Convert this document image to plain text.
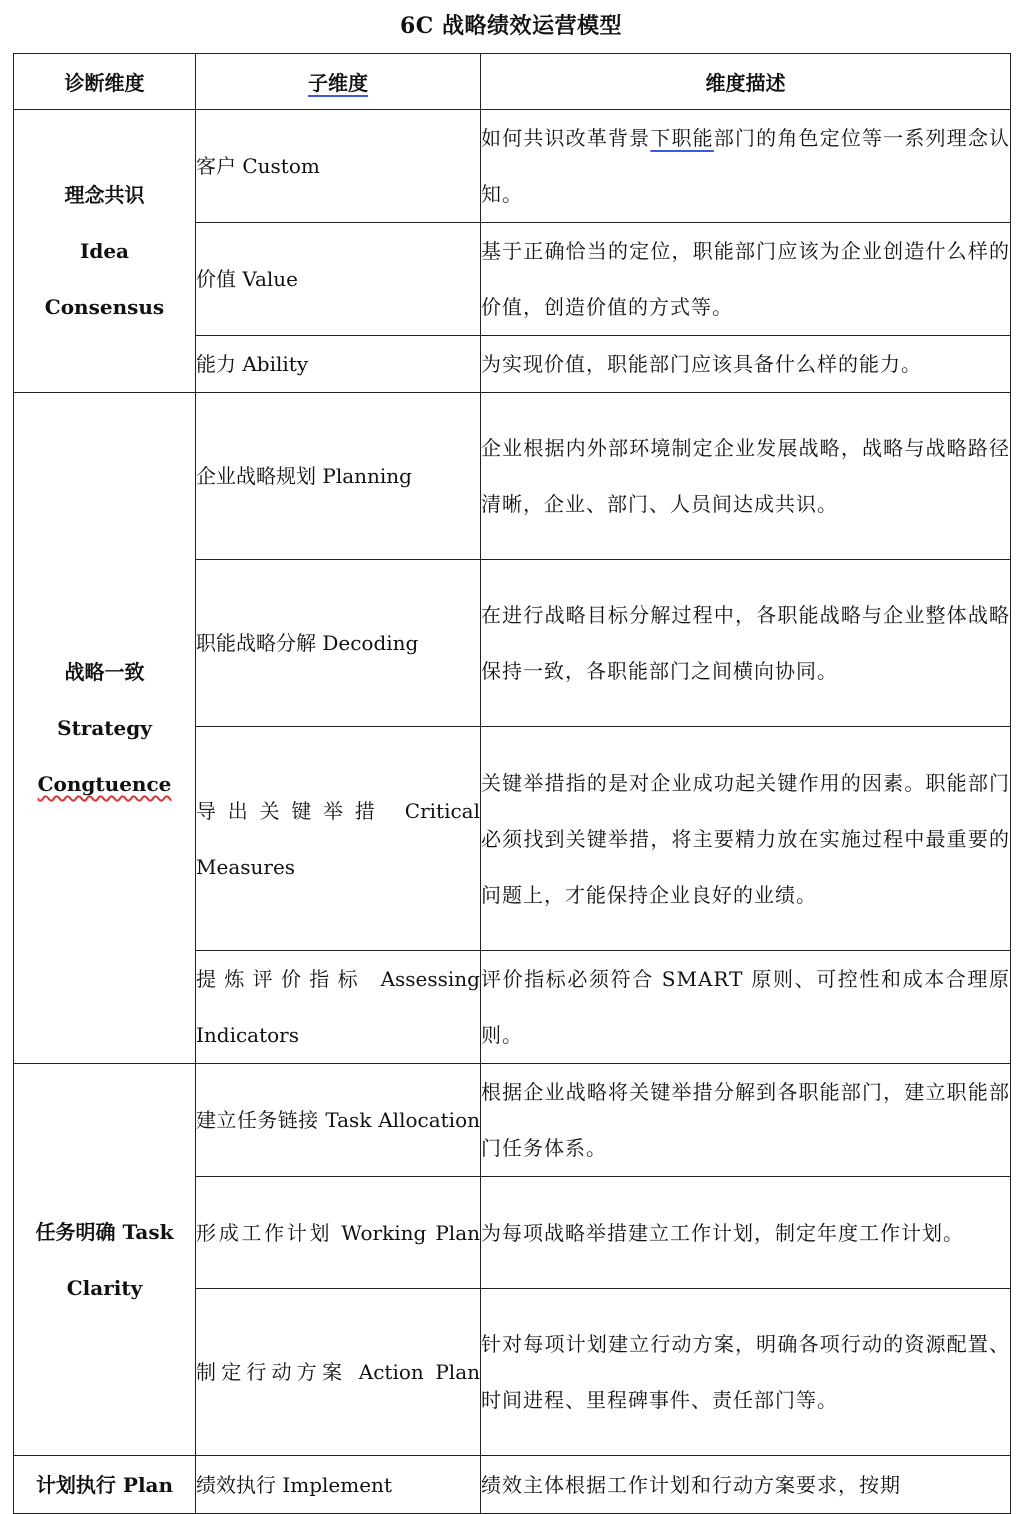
6C 战略绩效运营模型
诊断维度	子维度	维度描述

理念共识
Idea
Consensus	客户 Custom	如何共识改革背景下职能部门的角色定位等一系列理念认知。
	价值 Value	基于正确恰当的定位，职能部门应该为企业创造什么样的价值，创造价值的方式等。
	能力 Ability	为实现价值，职能部门应该具备什么样的能力。

战略一致
Strategy
Congtuence	企业战略规划 Planning	企业根据内外部环境制定企业发展战略，战略与战略路径清晰，企业、部门、人员间达成共识。
	职能战略分解 Decoding	在进行战略目标分解过程中，各职能战略与企业整体战略保持一致，各职能部门之间横向协同。
	导出关键举措 Critical Measures	关键举措指的是对企业成功起关键作用的因素。职能部门必须找到关键举措，将主要精力放在实施过程中最重要的问题上，才能保持企业良好的业绩。
	提炼评价指标 Assessing Indicators	评价指标必须符合 SMART 原则、可控性和成本合理原则。

任务明确 Task
Clarity	建立任务链接 Task Allocation	根据企业战略将关键举措分解到各职能部门，建立职能部门任务体系。
	形成工作计划 Working Plan	为每项战略举措建立工作计划，制定年度工作计划。
	制定行动方案 Action Plan	针对每项计划建立行动方案，明确各项行动的资源配置、时间进程、里程碑事件、责任部门等。

计划执行 Plan	绩效执行 Implement	绩效主体根据工作计划和行动方案要求，按期
